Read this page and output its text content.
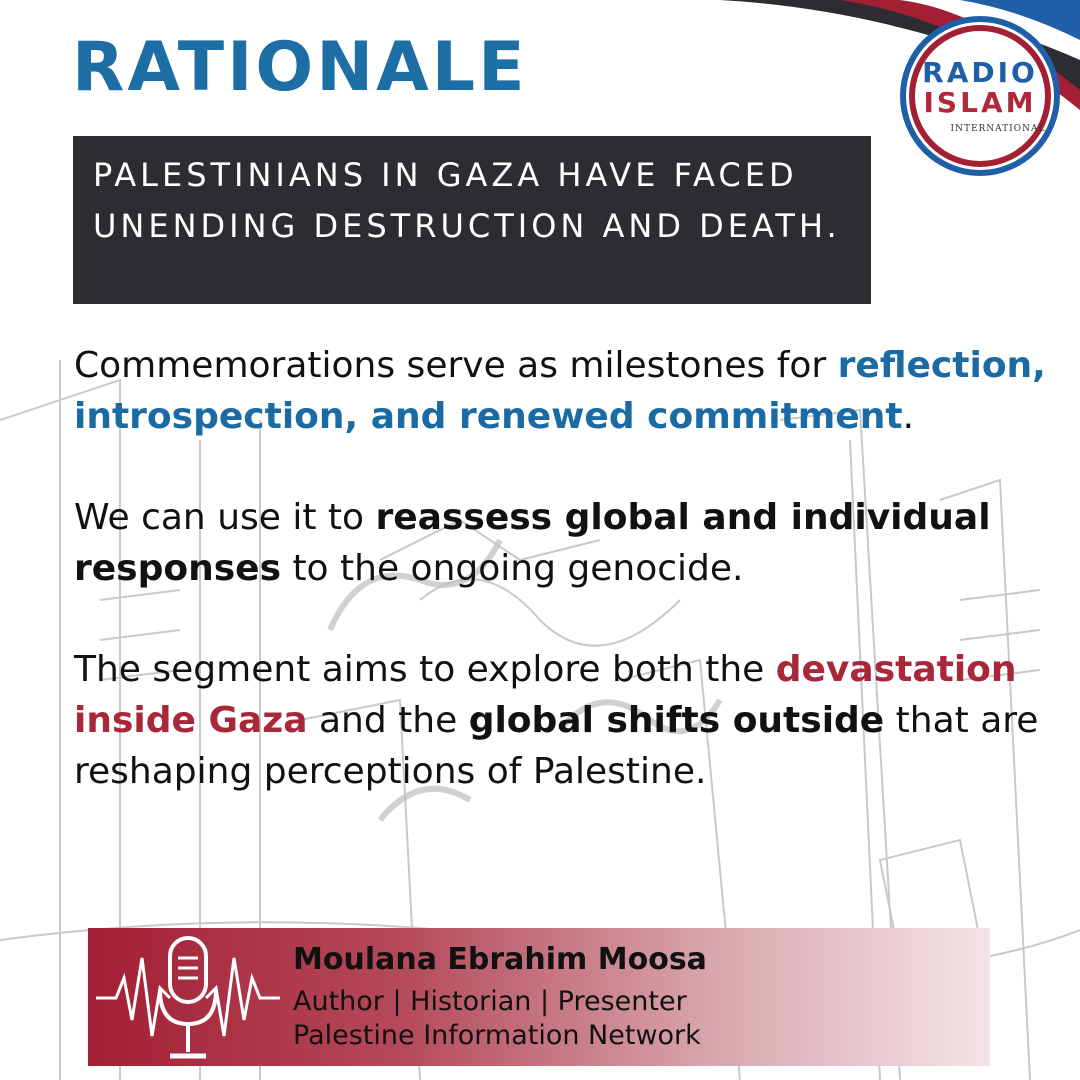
RATIONALE	RADIO
ISLAM
INTERNATIONAL

PALESTINIANS IN GAZA HAVE FACED UNENDING DESTRUCTION AND DEATH.

Commemorations serve as milestones for reflection, introspection, and renewed commitment.

We can use it to reassess global and individual responses to the ongoing genocide.

The segment aims to explore both the devastation inside Gaza and the global shifts outside that are reshaping perceptions of Palestine.

Moulana Ebrahim Moosa
Author | Historian | Presenter
Palestine Information Network
